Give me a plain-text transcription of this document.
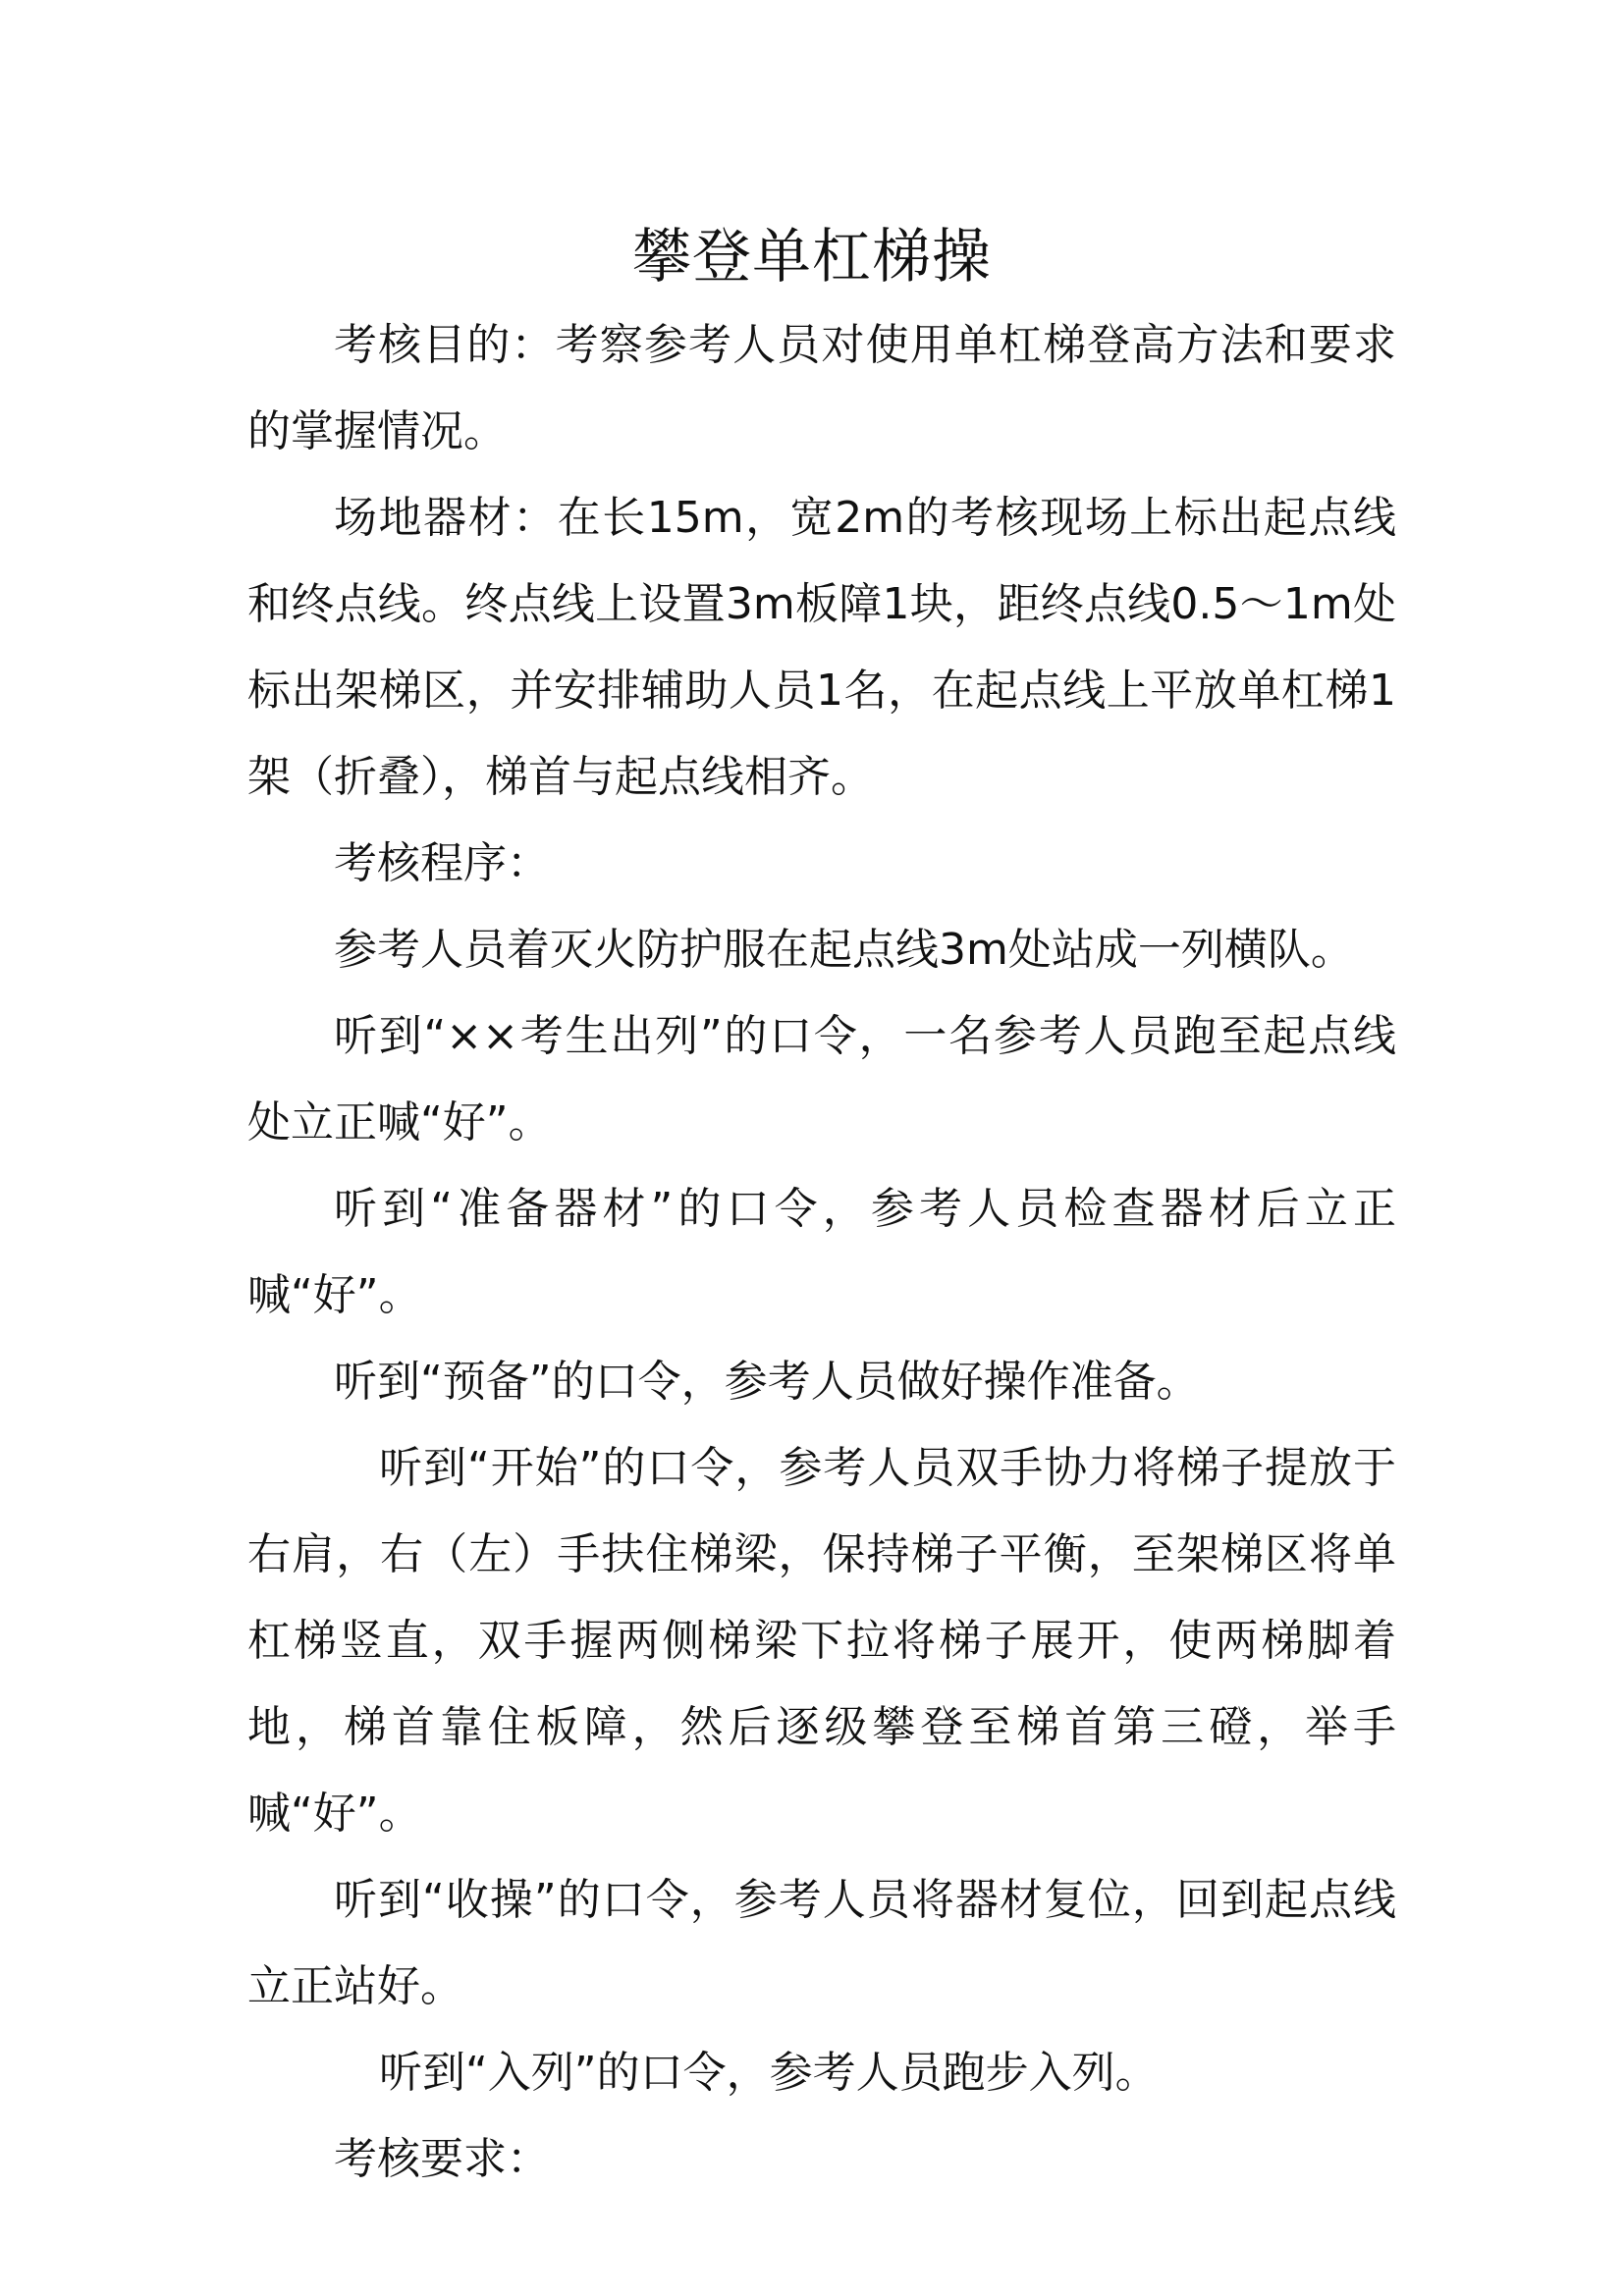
攀登单杠梯操

考核目的：考察参考人员对使用单杠梯登高方法和要求的掌握情况。

场地器材：在长15m，宽2m的考核现场上标出起点线和终点线。终点线上设置3m板障1块，距终点线0.5～1m处标出架梯区，并安排辅助人员1名，在起点线上平放单杠梯1架（折叠），梯首与起点线相齐。

考核程序：

参考人员着灭火防护服在起点线3m处站成一列横队。

听到“××考生出列”的口令，一名参考人员跑至起点线处立正喊“好”。

听到“准备器材”的口令，参考人员检查器材后立正喊“好”。

听到“预备”的口令，参考人员做好操作准备。

听到“开始”的口令，参考人员双手协力将梯子提放于右肩，右（左）手扶住梯梁，保持梯子平衡，至架梯区将单杠梯竖直，双手握两侧梯梁下拉将梯子展开，使两梯脚着地，梯首靠住板障，然后逐级攀登至梯首第三磴，举手喊“好”。

听到“收操”的口令，参考人员将器材复位，回到起点线立正站好。

听到“入列”的口令，参考人员跑步入列。

考核要求：
